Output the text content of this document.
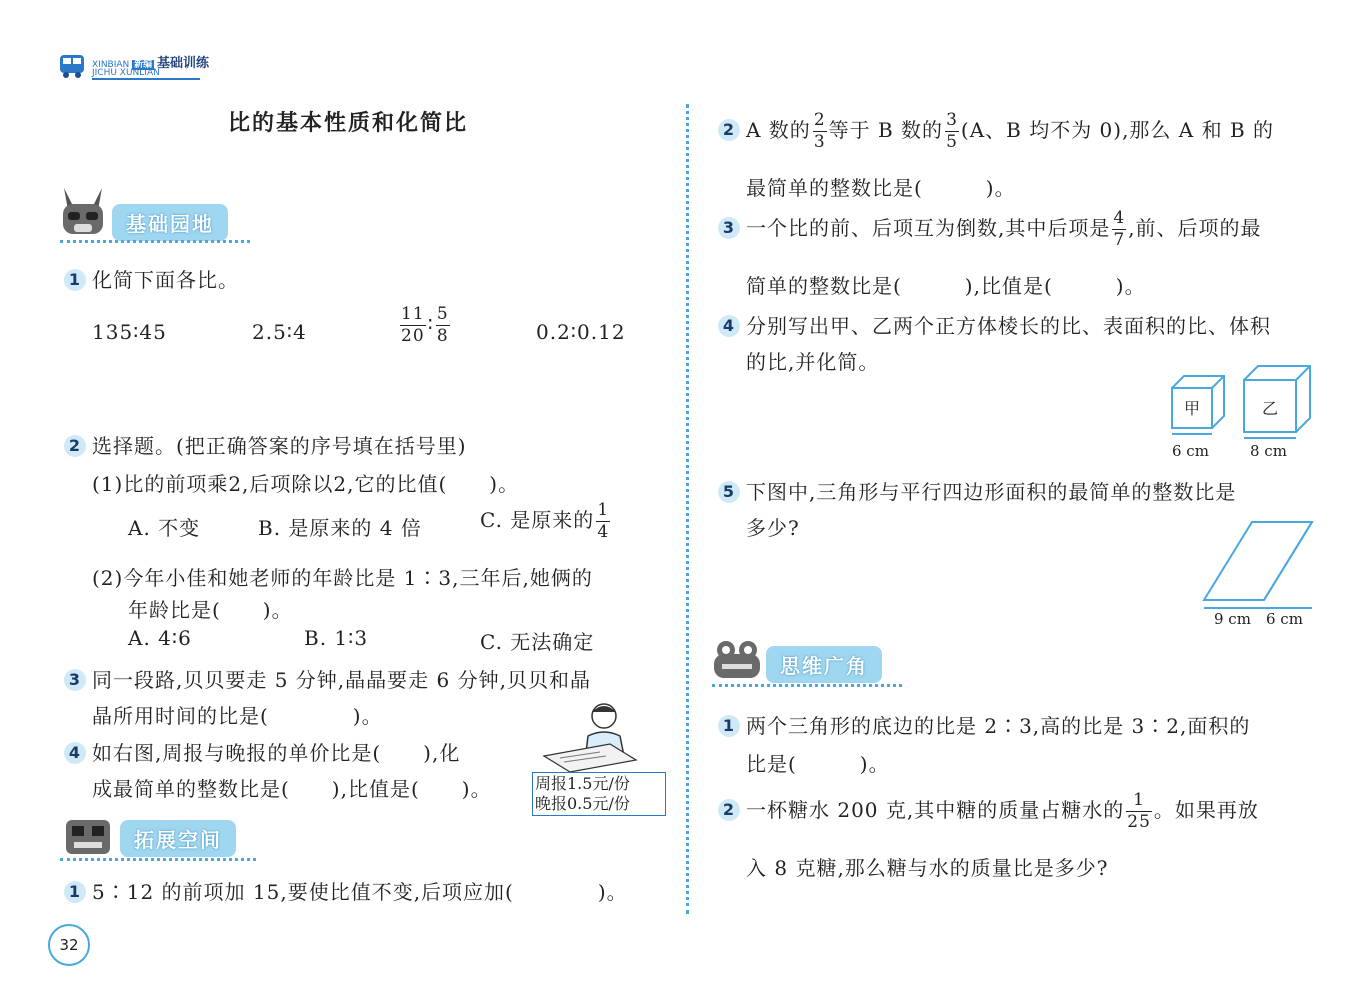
XINBIAN 新编 基础训练
JICHU XUNLIAN
比的基本性质和化简比
基础园地
1 化简下面各比。
135∶45	2.5∶4	$\frac{11}{20}$ ∶ $\frac{5}{8}$	0.2∶0.12
2 选择题。(把正确答案的序号填在括号里)
(1)比的前项乘2,后项除以2,它的比值(　　)。
A. 不变	B. 是原来的 4 倍	C. 是原来的 $\frac{1}{4}$
(2)今年小佳和她老师的年龄比是 1∶3,三年后,她俩的
年龄比是(　　)。
A. 4∶6	B. 1∶3	C. 无法确定
3 同一段路,贝贝要走 5 分钟,晶晶要走 6 分钟,贝贝和晶
晶所用时间的比是(　　　　)。
4 如右图,周报与晚报的单价比是(　　),化
成最简单的整数比是(　　),比值是(　　)。	周报1.5元/份
晚报0.5元/份
拓展空间
1 5∶12 的前项加 15,要使比值不变,后项应加(　　　　)。
32
2 A 数的 $\frac{2}{3}$ 等于 B 数的 $\frac{3}{5} (A$、B 均不为 0),那么 A 和 B 的
最简单的整数比是(　　　)。
3 一个比的前、后项互为倒数,其中后项是 $\frac{4}{7}$ ,前、后项的最
简单的整数比是(　　　),比值是(　　　)。
4 分别写出甲、乙两个正方体棱长的比、表面积的比、体积
的比,并化简。
甲	乙
6 cm	8 cm
5 下图中,三角形与平行四边形面积的最简单的整数比是
多少?
9 cm 6 cm
思维广角
1 两个三角形的底边的比是 2∶3,高的比是 3∶2,面积的
比是(　　　)。
2 一杯糖水 200 克,其中糖的质量占糖水的 $\frac{1}{25}$ 。如果再放
入 8 克糖,那么糖与水的质量比是多少?
